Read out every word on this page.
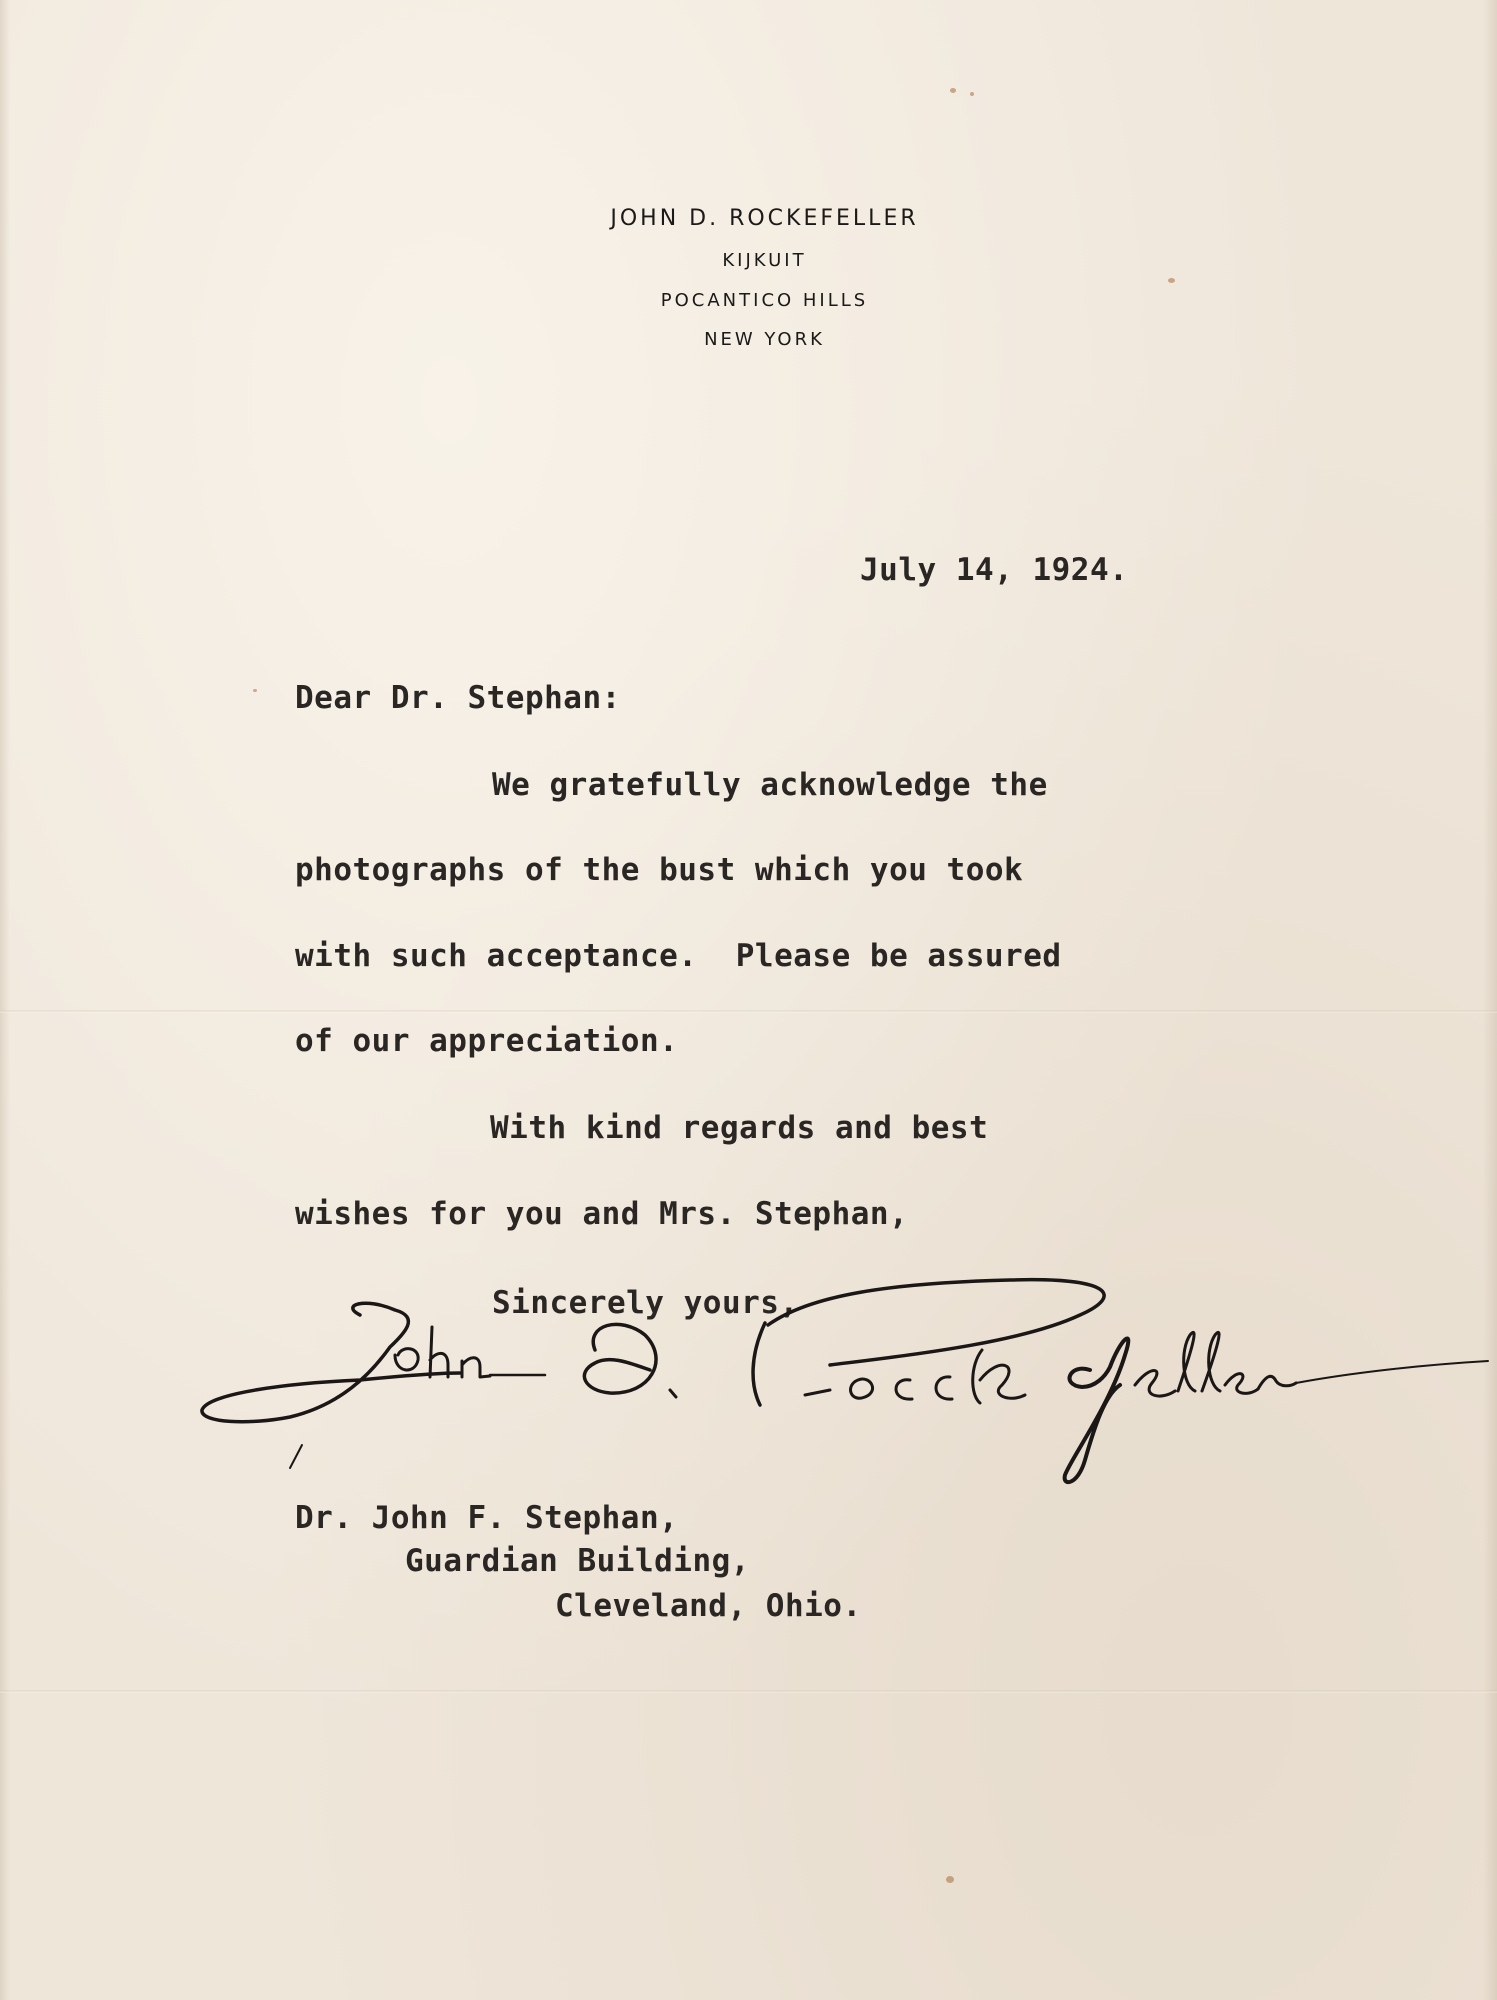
JOHN D. ROCKEFELLER
KIJKUIT
POCANTICO HILLS
NEW YORK
July 14, 1924.
Dear Dr. Stephan:
We gratefully acknowledge the
photographs of the bust which you took
with such acceptance.  Please be assured
of our appreciation.
With kind regards and best
wishes for you and Mrs. Stephan,
Sincerely yours,
Dr. John F. Stephan,
Guardian Building,
Cleveland, Ohio.
